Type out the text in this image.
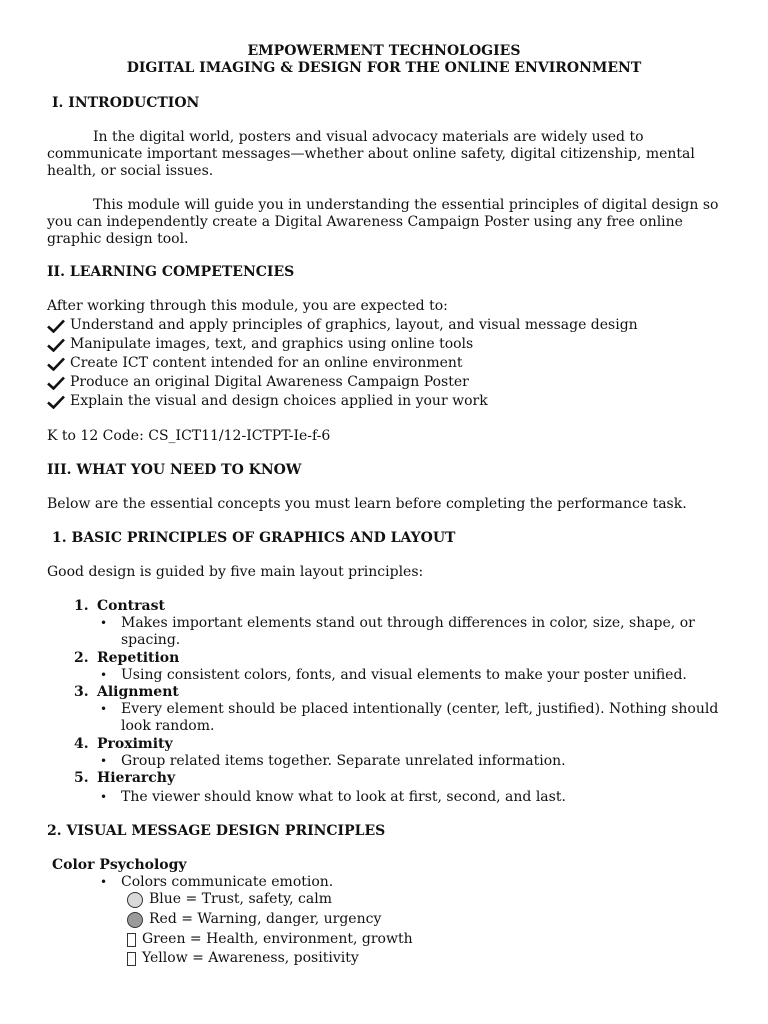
EMPOWERMENT TECHNOLOGIES
DIGITAL IMAGING & DESIGN FOR THE ONLINE ENVIRONMENT
I. INTRODUCTION
In the digital world, posters and visual advocacy materials are widely used to communicate important messages—whether about online safety, digital citizenship, mental health, or social issues.
This module will guide you in understanding the essential principles of digital design so you can independently create a Digital Awareness Campaign Poster using any free online graphic design tool.
II. LEARNING COMPETENCIES
After working through this module, you are expected to:
Understand and apply principles of graphics, layout, and visual message design
Manipulate images, text, and graphics using online tools
Create ICT content intended for an online environment
Produce an original Digital Awareness Campaign Poster
Explain the visual and design choices applied in your work
K to 12 Code: CS_ICT11/12-ICTPT-Ie-f-6
III. WHAT YOU NEED TO KNOW
Below are the essential concepts you must learn before completing the performance task.
1. BASIC PRINCIPLES OF GRAPHICS AND LAYOUT
Good design is guided by five main layout principles:
1. Contrast
• Makes important elements stand out through differences in color, size, shape, or spacing.
2. Repetition
• Using consistent colors, fonts, and visual elements to make your poster unified.
3. Alignment
• Every element should be placed intentionally (center, left, justified). Nothing should look random.
4. Proximity
• Group related items together. Separate unrelated information.
5. Hierarchy
• The viewer should know what to look at first, second, and last.
2. VISUAL MESSAGE DESIGN PRINCIPLES
Color Psychology
• Colors communicate emotion.
Blue = Trust, safety, calm
Red = Warning, danger, urgency
Green = Health, environment, growth
Yellow = Awareness, positivity
